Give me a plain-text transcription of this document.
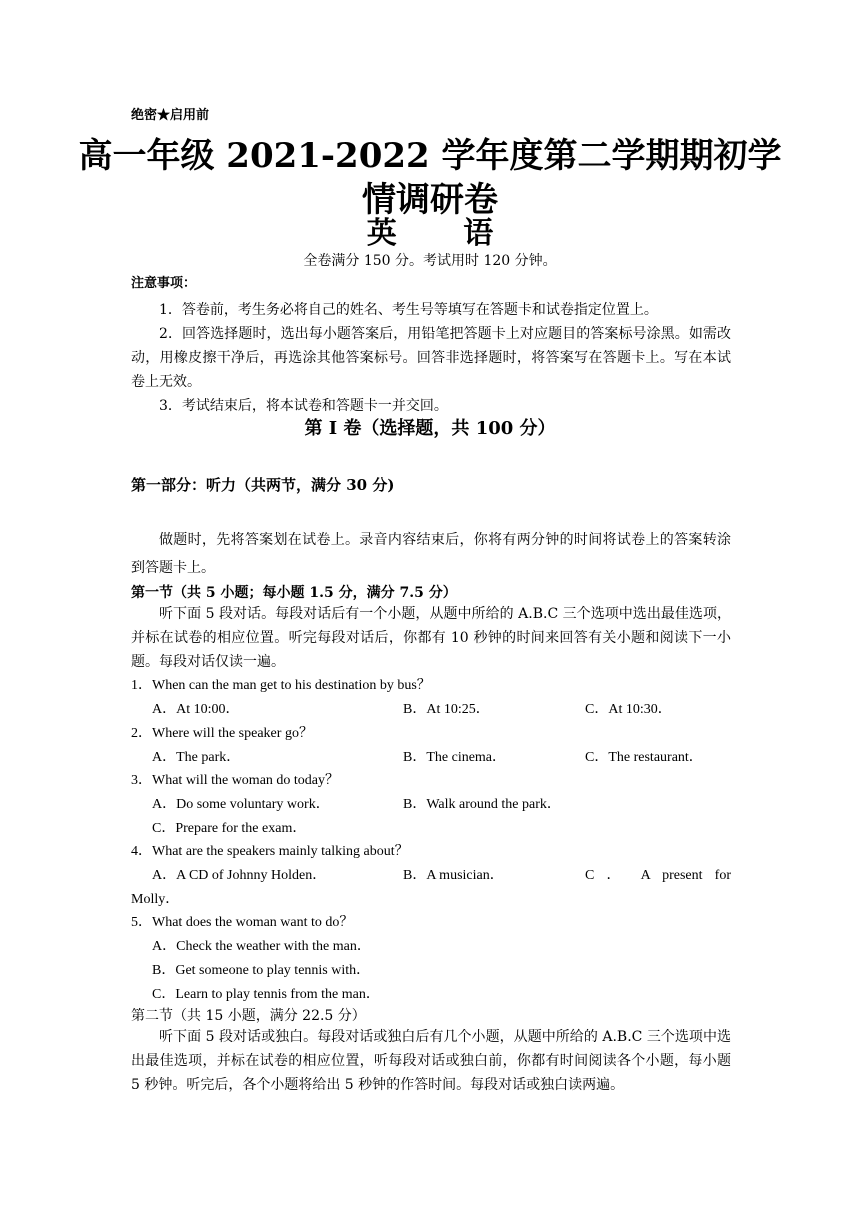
绝密★启用前
高一年级 2021-2022 学年度第二学期期初学
情调研卷
英 语
全卷满分 150 分。考试用时 120 分钟。
注意事项：
1．答卷前，考生务必将自己的姓名、考生号等填写在答题卡和试卷指定位置上。
2．回答选择题时，选出每小题答案后，用铅笔把答题卡上对应题目的答案标号涂黑。如需改动，用橡皮擦干净后，再选涂其他答案标号。回答非选择题时，将答案写在答题卡上。写在本试卷上无效。
3．考试结束后，将本试卷和答题卡一并交回。
第 I 卷（选择题，共 100 分）
第一部分：听力（共两节，满分 30 分)
做题时，先将答案划在试卷上。录音内容结束后，你将有两分钟的时间将试卷上的答案转涂到答题卡上。
第一节（共 5 小题；每小题 1.5 分，满分 7.5 分）
听下面 5 段对话。每段对话后有一个小题，从题中所给的 A.B.C 三个选项中选出最佳选项，并标在试卷的相应位置。听完每段对话后，你都有 10 秒钟的时间来回答有关小题和阅读下一小题。每段对话仅读一遍。
1．When can the man get to his destination by bus？
A．At 10:00．	B．At 10:25．	C．At 10:30．
2．Where will the speaker go？
A．The park．	B．The cinema．	C．The restaurant．
3．What will the woman do today？
A．Do some voluntary work．	B．Walk around the park．
C．Prepare for the exam．
4．What are the speakers mainly talking about？
A．A CD of Johnny Holden．	B．A musician．	C ． A present for
Molly．
5．What does the woman want to do？
A．Check the weather with the man．
B．Get someone to play tennis with．
C．Learn to play tennis from the man．
第二节（共 15 小题，满分 22.5 分）
听下面 5 段对话或独白。每段对话或独白后有几个小题，从题中所给的 A.B.C 三个选项中选出最佳选项，并标在试卷的相应位置，听每段对话或独白前，你都有时间阅读各个小题，每小题 5 秒钟。听完后，各个小题将给出 5 秒钟的作答时间。每段对话或独白读两遍。
